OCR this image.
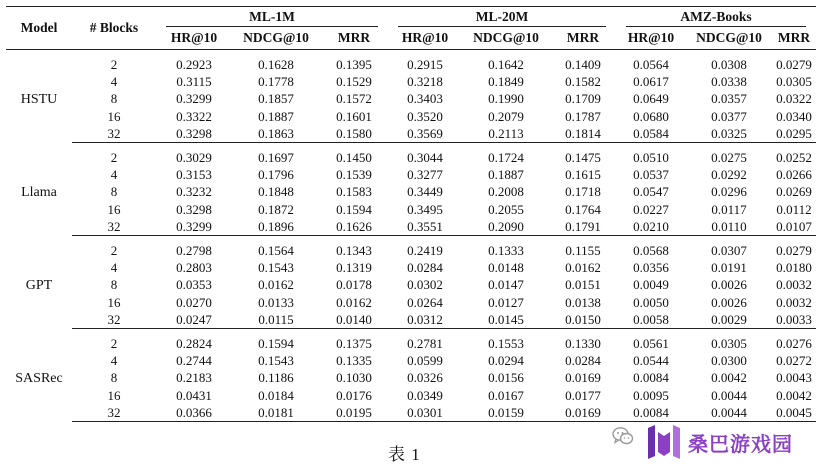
Model	# Blocks	ML-1M			ML-20M			AMZ-Books		

		HR@10	NDCG@10	MRR	HR@10	NDCG@10	MRR	HR@10	NDCG@10	MRR

HSTU	2	0.2923	0.1628	0.1395	0.2915	0.1642	0.1409	0.0564	0.0308	0.0279
	4	0.3115	0.1778	0.1529	0.3218	0.1849	0.1582	0.0617	0.0338	0.0305
	8	0.3299	0.1857	0.1572	0.3403	0.1990	0.1709	0.0649	0.0357	0.0322
	16	0.3322	0.1887	0.1601	0.3520	0.2079	0.1787	0.0680	0.0377	0.0340
	32	0.3298	0.1863	0.1580	0.3569	0.2113	0.1814	0.0584	0.0325	0.0295

Llama	2	0.3029	0.1697	0.1450	0.3044	0.1724	0.1475	0.0510	0.0275	0.0252
	4	0.3153	0.1796	0.1539	0.3277	0.1887	0.1615	0.0537	0.0292	0.0266
	8	0.3232	0.1848	0.1583	0.3449	0.2008	0.1718	0.0547	0.0296	0.0269
	16	0.3298	0.1872	0.1594	0.3495	0.2055	0.1764	0.0227	0.0117	0.0112
	32	0.3299	0.1896	0.1626	0.3551	0.2090	0.1791	0.0210	0.0110	0.0107

GPT	2	0.2798	0.1564	0.1343	0.2419	0.1333	0.1155	0.0568	0.0307	0.0279
	4	0.2803	0.1543	0.1319	0.0284	0.0148	0.0162	0.0356	0.0191	0.0180
	8	0.0353	0.0162	0.0178	0.0302	0.0147	0.0151	0.0049	0.0026	0.0032
	16	0.0270	0.0133	0.0162	0.0264	0.0127	0.0138	0.0050	0.0026	0.0032
	32	0.0247	0.0115	0.0140	0.0312	0.0145	0.0150	0.0058	0.0029	0.0033

SASRec	2	0.2824	0.1594	0.1375	0.2781	0.1553	0.1330	0.0561	0.0305	0.0276
	4	0.2744	0.1543	0.1335	0.0599	0.0294	0.0284	0.0544	0.0300	0.0272
	8	0.2183	0.1186	0.1030	0.0326	0.0156	0.0169	0.0084	0.0042	0.0043
	16	0.0431	0.0184	0.0176	0.0349	0.0167	0.0177	0.0095	0.0044	0.0042
	32	0.0366	0.0181	0.0195	0.0301	0.0159	0.0169	0.0084	0.0044	0.0045
表 1	桑巴游戏园
